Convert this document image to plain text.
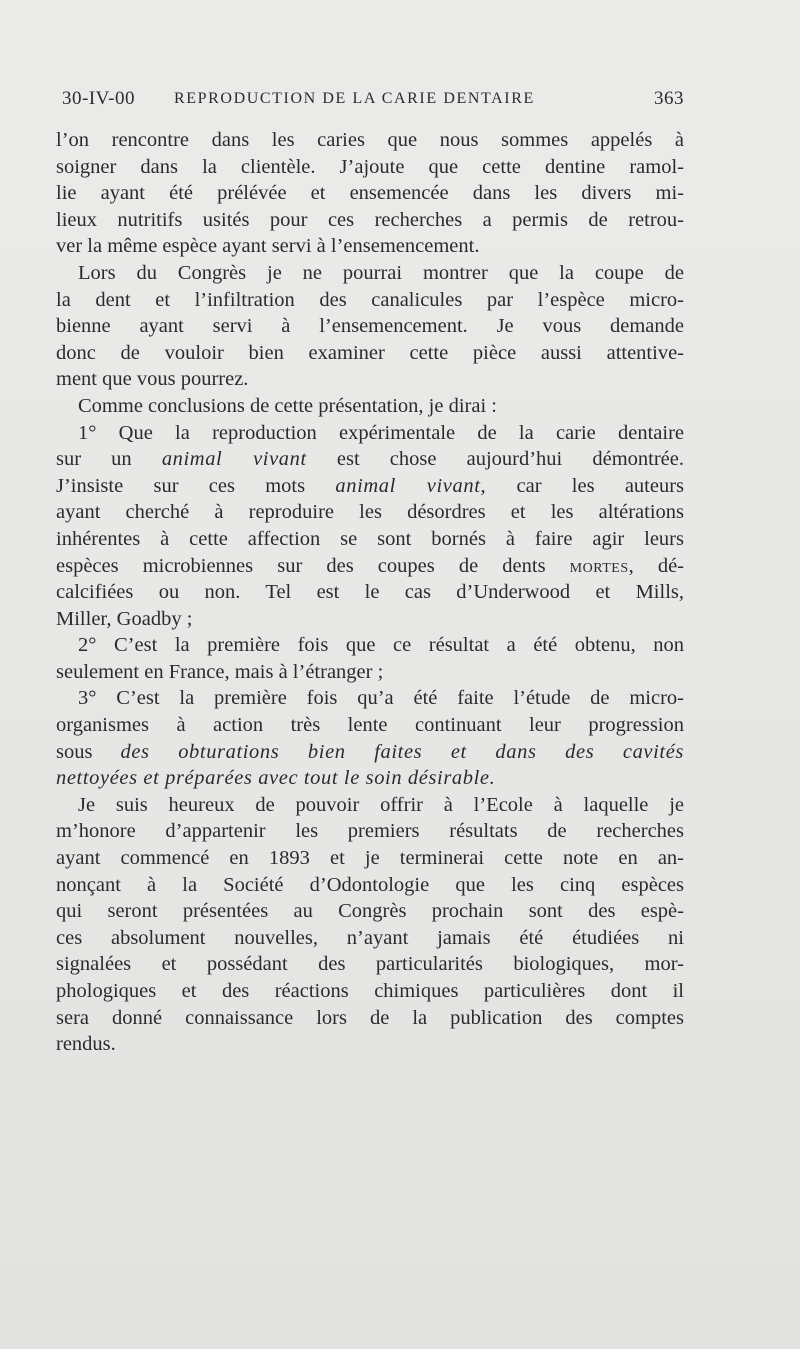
30-IV-00 REPRODUCTION DE LA CARIE DENTAIRE	363

l’on rencontre dans les caries que nous sommes appelés à
soigner dans la clientèle. J’ajoute que cette dentine ramol-
lie ayant été prélévée et ensemencée dans les divers mi-
lieux nutritifs usités pour ces recherches a permis de retrou-
ver la même espèce ayant servi à l’ensemencement.

Lors du Congrès je ne pourrai montrer que la coupe de
la dent et l’infiltration des canalicules par l’espèce micro-
bienne ayant servi à l’ensemencement. Je vous demande
donc de vouloir bien examiner cette pièce aussi attentive-
ment que vous pourrez.

Comme conclusions de cette présentation, je dirai :

1° Que la reproduction expérimentale de la carie dentaire
sur un animal vivant est chose aujourd’hui démontrée.
J’insiste sur ces mots animal vivant, car les auteurs
ayant cherché à reproduire les désordres et les altérations
inhérentes à cette affection se sont bornés à faire agir leurs
espèces microbiennes sur des coupes de dents mortes, dé-
calcifiées ou non. Tel est le cas d’Underwood et Mills,
Miller, Goadby ;

2° C’est la première fois que ce résultat a été obtenu, non
seulement en France, mais à l’étranger ;

3° C’est la première fois qu’a été faite l’étude de micro-
organismes à action très lente continuant leur progression
sous des obturations bien faites et dans des cavités
nettoyées et préparées avec tout le soin désirable.

Je suis heureux de pouvoir offrir à l’Ecole à laquelle je
m’honore d’appartenir les premiers résultats de recherches
ayant commencé en 1893 et je terminerai cette note en an-
nonçant à la Société d’Odontologie que les cinq espèces
qui seront présentées au Congrès prochain sont des espè-
ces absolument nouvelles, n’ayant jamais été étudiées ni
signalées et possédant des particularités biologiques, mor-
phologiques et des réactions chimiques particulières dont il
sera donné connaissance lors de la publication des comptes
rendus.
